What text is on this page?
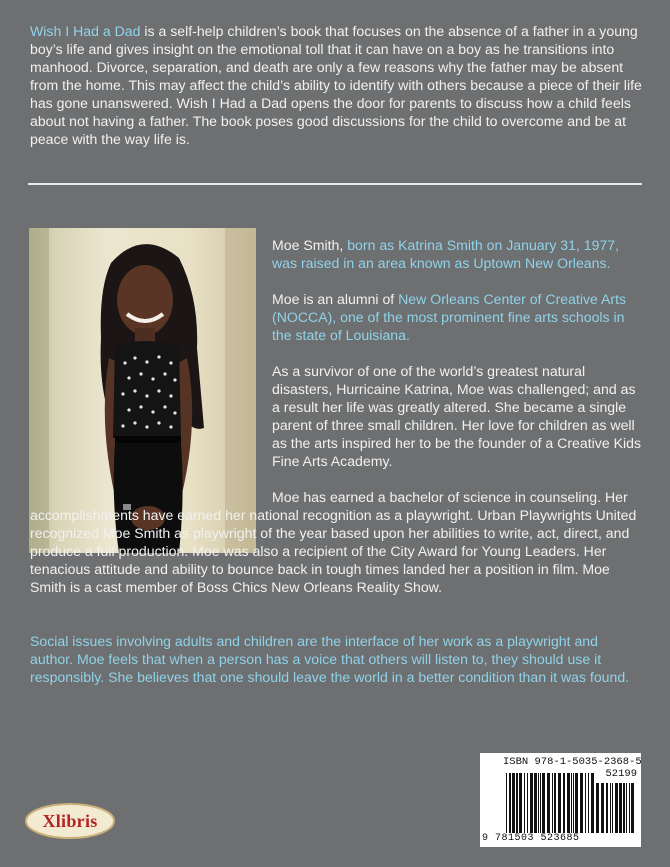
Wish I Had a Dad is a self-help children’s book that focuses on the absence of a father in a young boy’s life and gives insight on the emotional toll that it can have on a boy as he transitions into manhood. Divorce, separation, and death are only a few reasons why the father may be absent from the home. This may affect the child’s ability to identify with others because a piece of their life has gone unanswered. Wish I Had a Dad opens the door for parents to discuss how a child feels about not having a father. The book poses good discussions for the child to overcome and be at peace with the way life is.

Moe Smith, born as Katrina Smith on January 31, 1977, was raised in an area known as Uptown New Orleans.

Moe is an alumni of New Orleans Center of Creative Arts (NOCCA), one of the most prominent fine arts schools in the state of Louisiana.

As a survivor of one of the world’s greatest natural disasters, Hurricaine Katrina, Moe was challenged; and as a result her life was greatly altered. She became a single parent of three small children. Her love for children as well as the arts inspired her to be the founder of a Creative Kids Fine Arts Academy.

Moe has earned a bachelor of science in counseling. Her accomplishments have earned her national recognition as a playwright. Urban Playwrights United recognized Moe Smith as playwright of the year based upon her abilities to write, act, direct, and produce a full production. Moe was also a recipient of the City Award for Young Leaders. Her tenacious attitude and ability to bounce back in tough times landed her a position in film. Moe Smith is a cast member of Boss Chics New Orleans Reality Show.

Social issues involving adults and children are the interface of her work as a playwright and author. Moe feels that when a person has a voice that others will listen to, they should use it responsibly. She believes that one should leave the world in a better condition than it was found.

Xlibris
ISBN 978-1-5035-2368-5
52199
9 781503 523685
